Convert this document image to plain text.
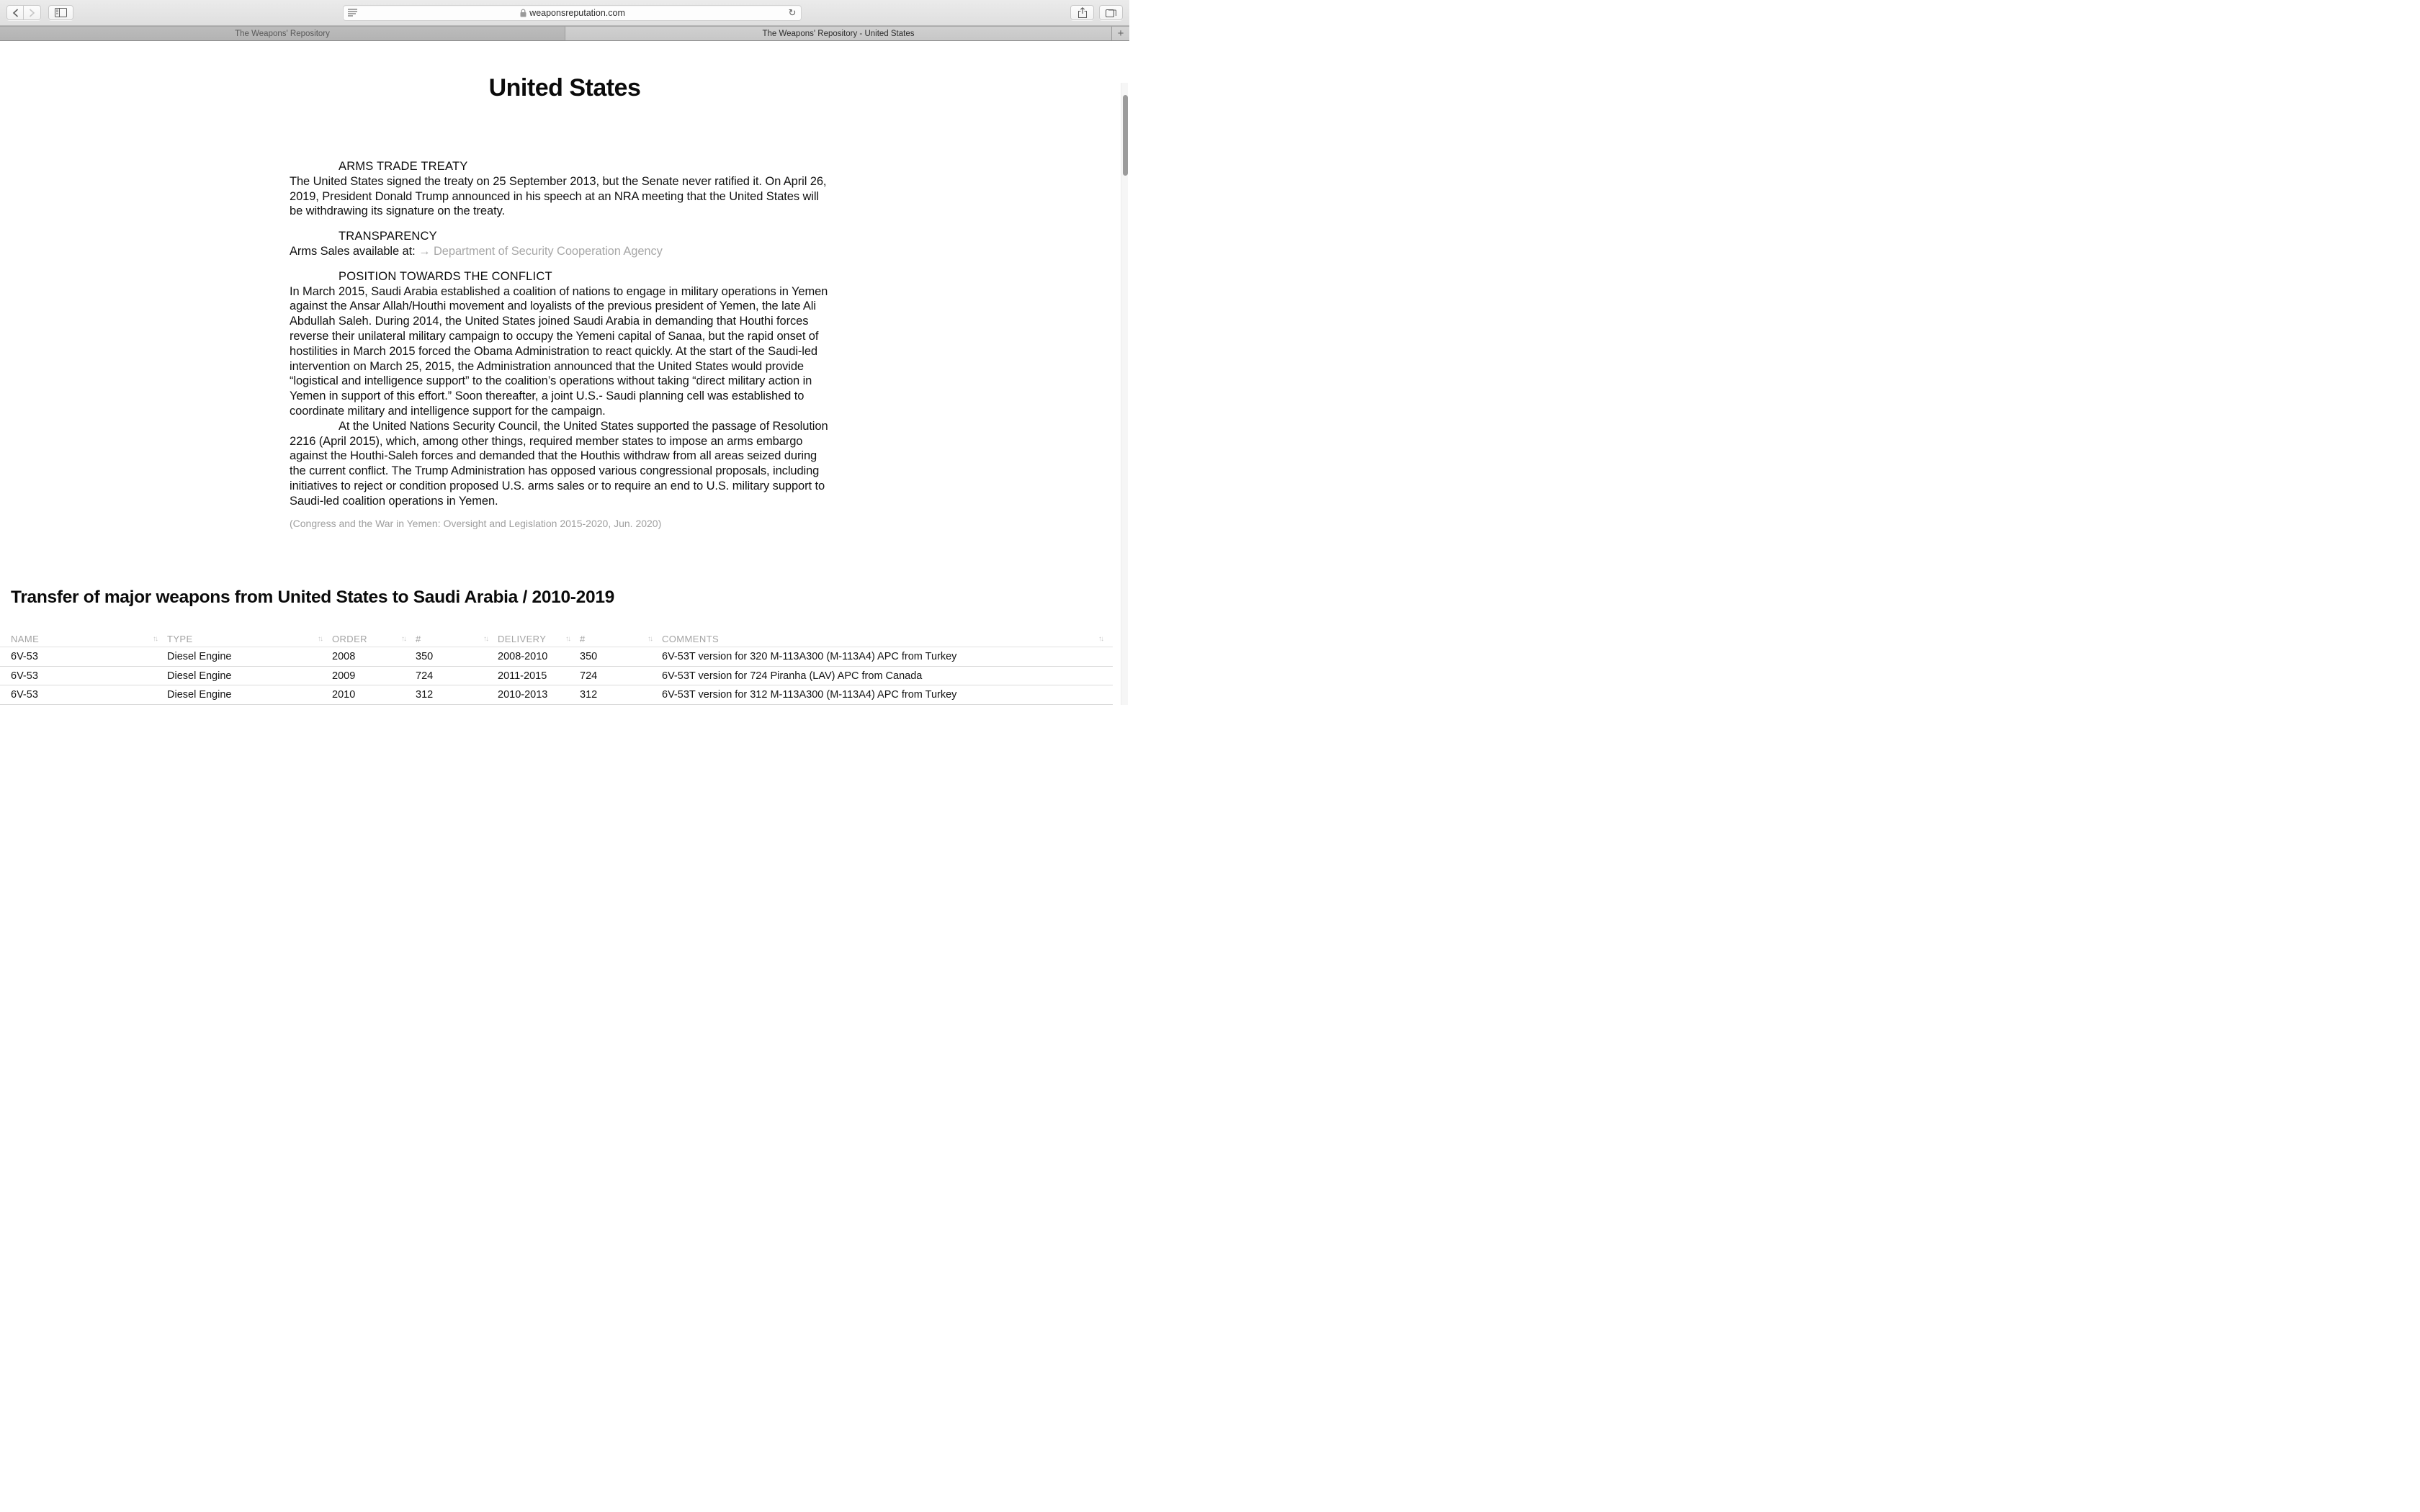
weaponsreputation.com	↻
The Weapons' Repository	The Weapons' Repository - United States	+
United States
ARMS TRADE TREATY

The United States signed the treaty on 25 September 2013, but the Senate never ratified it. On April 26, 2019, President Donald Trump announced in his speech at an NRA meeting that the United States will be withdrawing its signature on the treaty.

TRANSPARENCY

Arms Sales available at: → Department of Security Cooperation Agency

POSITION TOWARDS THE CONFLICT

In March 2015, Saudi Arabia established a coalition of nations to engage in military operations in Yemen against the Ansar Allah/Houthi movement and loyalists of the previous president of Yemen, the late Ali Abdullah Saleh. During 2014, the United States joined Saudi Arabia in demanding that Houthi forces reverse their unilateral military campaign to occupy the Yemeni capital of Sanaa, but the rapid onset of hostilities in March 2015 forced the Obama Administration to react quickly. At the start of the Saudi-led intervention on March 25, 2015, the Administration announced that the United States would provide “logistical and intelligence support” to the coalition’s operations without taking “direct military action in Yemen in support of this effort.” Soon thereafter, a joint U.S.- Saudi planning cell was established to coordinate military and intelligence support for the campaign.

At the United Nations Security Council, the United States supported the passage of Resolution 2216 (April 2015), which, among other things, required member states to impose an arms embargo against the Houthi-Saleh forces and demanded that the Houthis withdraw from all areas seized during the current conflict. The Trump Administration has opposed various congressional proposals, including initiatives to reject or condition proposed U.S. arms sales or to require an end to U.S. military support to Saudi-led coalition operations in Yemen.

(Congress and the War in Yemen: Oversight and Legislation 2015-2020, Jun. 2020)
Transfer of major weapons from United States to Saudi Arabia / 2010-2019
NAME	↑↓ TYPE	↑↓ ORDER	↑↓ #	↑↓ DELIVERY	↑↓ #	↑↓ COMMENTS	↑↓
6V-53	Diesel Engine	2008	350	2008-2010	350	6V-53T version for 320 M-113A300 (M-113A4) APC from Turkey
6V-53	Diesel Engine	2009	724	2011-2015	724	6V-53T version for 724 Piranha (LAV) APC from Canada
6V-53	Diesel Engine	2010	312	2010-2013	312	6V-53T version for 312 M-113A300 (M-113A4) APC from Turkey
